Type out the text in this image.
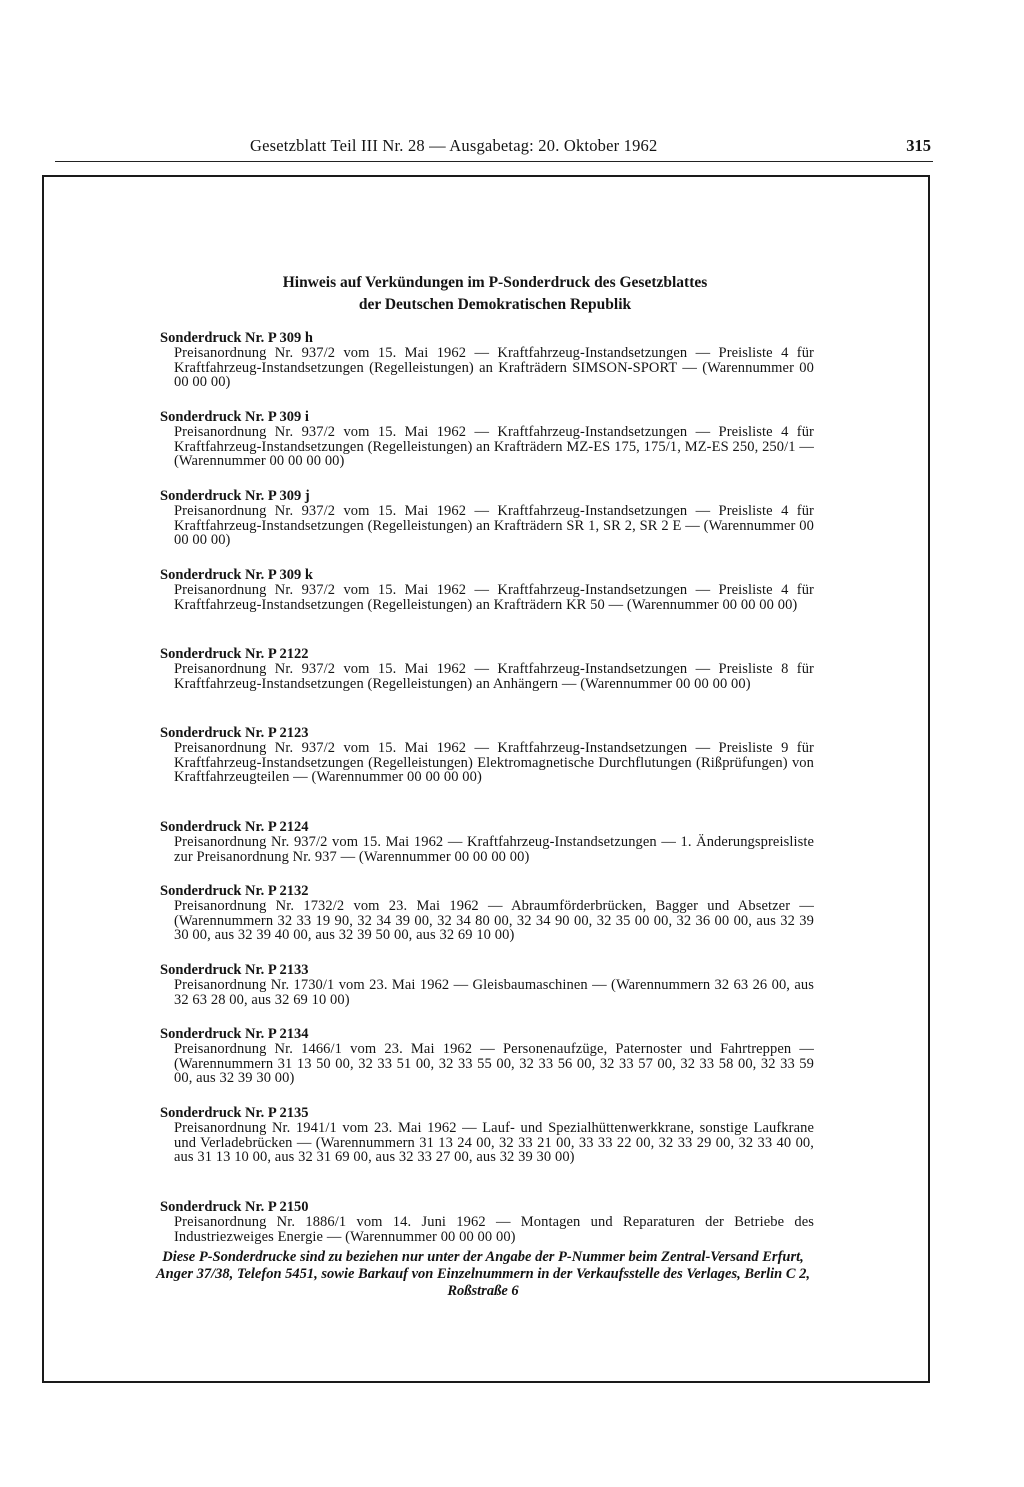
Gesetzblatt Teil III Nr. 28 — Ausgabetag: 20. Oktober 1962	315
Hinweis auf Verkündungen im P-Sonderdruck des Gesetzblattes
der Deutschen Demokratischen Republik
Sonderdruck Nr. P 309 h
Preisanordnung Nr. 937/2 vom 15. Mai 1962 — Kraftfahrzeug-Instandsetzungen — Preisliste 4 für Kraftfahrzeug-Instandsetzungen (Regelleistungen) an Krafträdern SIMSON-SPORT — (Warennummer 00 00 00 00)
Sonderdruck Nr. P 309 i
Preisanordnung Nr. 937/2 vom 15. Mai 1962 — Kraftfahrzeug-Instandsetzungen — Preisliste 4 für Kraftfahrzeug-Instandsetzungen (Regelleistungen) an Krafträdern MZ-ES 175, 175/1, MZ-ES 250, 250/1 — (Warennummer 00 00 00 00)
Sonderdruck Nr. P 309 j
Preisanordnung Nr. 937/2 vom 15. Mai 1962 — Kraftfahrzeug-Instandsetzungen — Preisliste 4 für Kraftfahrzeug-Instandsetzungen (Regelleistungen) an Krafträdern SR 1, SR 2, SR 2 E — (Warennummer 00 00 00 00)
Sonderdruck Nr. P 309 k
Preisanordnung Nr. 937/2 vom 15. Mai 1962 — Kraftfahrzeug-Instandsetzungen — Preisliste 4 für Kraftfahrzeug-Instandsetzungen (Regelleistungen) an Krafträdern KR 50 — (Warennummer 00 00 00 00)
Sonderdruck Nr. P 2122
Preisanordnung Nr. 937/2 vom 15. Mai 1962 — Kraftfahrzeug-Instandsetzungen — Preisliste 8 für Kraftfahrzeug-Instandsetzungen (Regelleistungen) an Anhängern — (Warennummer 00 00 00 00)
Sonderdruck Nr. P 2123
Preisanordnung Nr. 937/2 vom 15. Mai 1962 — Kraftfahrzeug-Instandsetzungen — Preisliste 9 für Kraftfahrzeug-Instandsetzungen (Regelleistungen) Elektromagnetische Durchflutungen (Rißprüfungen) von Kraftfahrzeugteilen — (Warennummer 00 00 00 00)
Sonderdruck Nr. P 2124
Preisanordnung Nr. 937/2 vom 15. Mai 1962 — Kraftfahrzeug-Instandsetzungen — 1. Änderungspreisliste zur Preisanordnung Nr. 937 — (Warennummer 00 00 00 00)
Sonderdruck Nr. P 2132
Preisanordnung Nr. 1732/2 vom 23. Mai 1962 — Abraumförderbrücken, Bagger und Absetzer — (Warennummern 32 33 19 90, 32 34 39 00, 32 34 80 00, 32 34 90 00, 32 35 00 00, 32 36 00 00, aus 32 39 30 00, aus 32 39 40 00, aus 32 39 50 00, aus 32 69 10 00)
Sonderdruck Nr. P 2133
Preisanordnung Nr. 1730/1 vom 23. Mai 1962 — Gleisbaumaschinen — (Warennummern 32 63 26 00, aus 32 63 28 00, aus 32 69 10 00)
Sonderdruck Nr. P 2134
Preisanordnung Nr. 1466/1 vom 23. Mai 1962 — Personenaufzüge, Paternoster und Fahrtreppen — (Warennummern 31 13 50 00, 32 33 51 00, 32 33 55 00, 32 33 56 00, 32 33 57 00, 32 33 58 00, 32 33 59 00, aus 32 39 30 00)
Sonderdruck Nr. P 2135
Preisanordnung Nr. 1941/1 vom 23. Mai 1962 — Lauf- und Spezialhüttenwerkkrane, sonstige Laufkrane und Verladebrücken — (Warennummern 31 13 24 00, 32 33 21 00, 33 33 22 00, 32 33 29 00, 32 33 40 00, aus 31 13 10 00, aus 32 31 69 00, aus 32 33 27 00, aus 32 39 30 00)
Sonderdruck Nr. P 2150
Preisanordnung Nr. 1886/1 vom 14. Juni 1962 — Montagen und Reparaturen der Betriebe des Industriezweiges Energie — (Warennummer 00 00 00 00)
Diese P-Sonderdrucke sind zu beziehen nur unter der Angabe der P-Nummer beim Zentral-Versand Erfurt, Anger 37/38, Telefon 5451, sowie Barkauf von Einzelnummern in der Verkaufsstelle des Verlages, Berlin C 2, Roßstraße 6
